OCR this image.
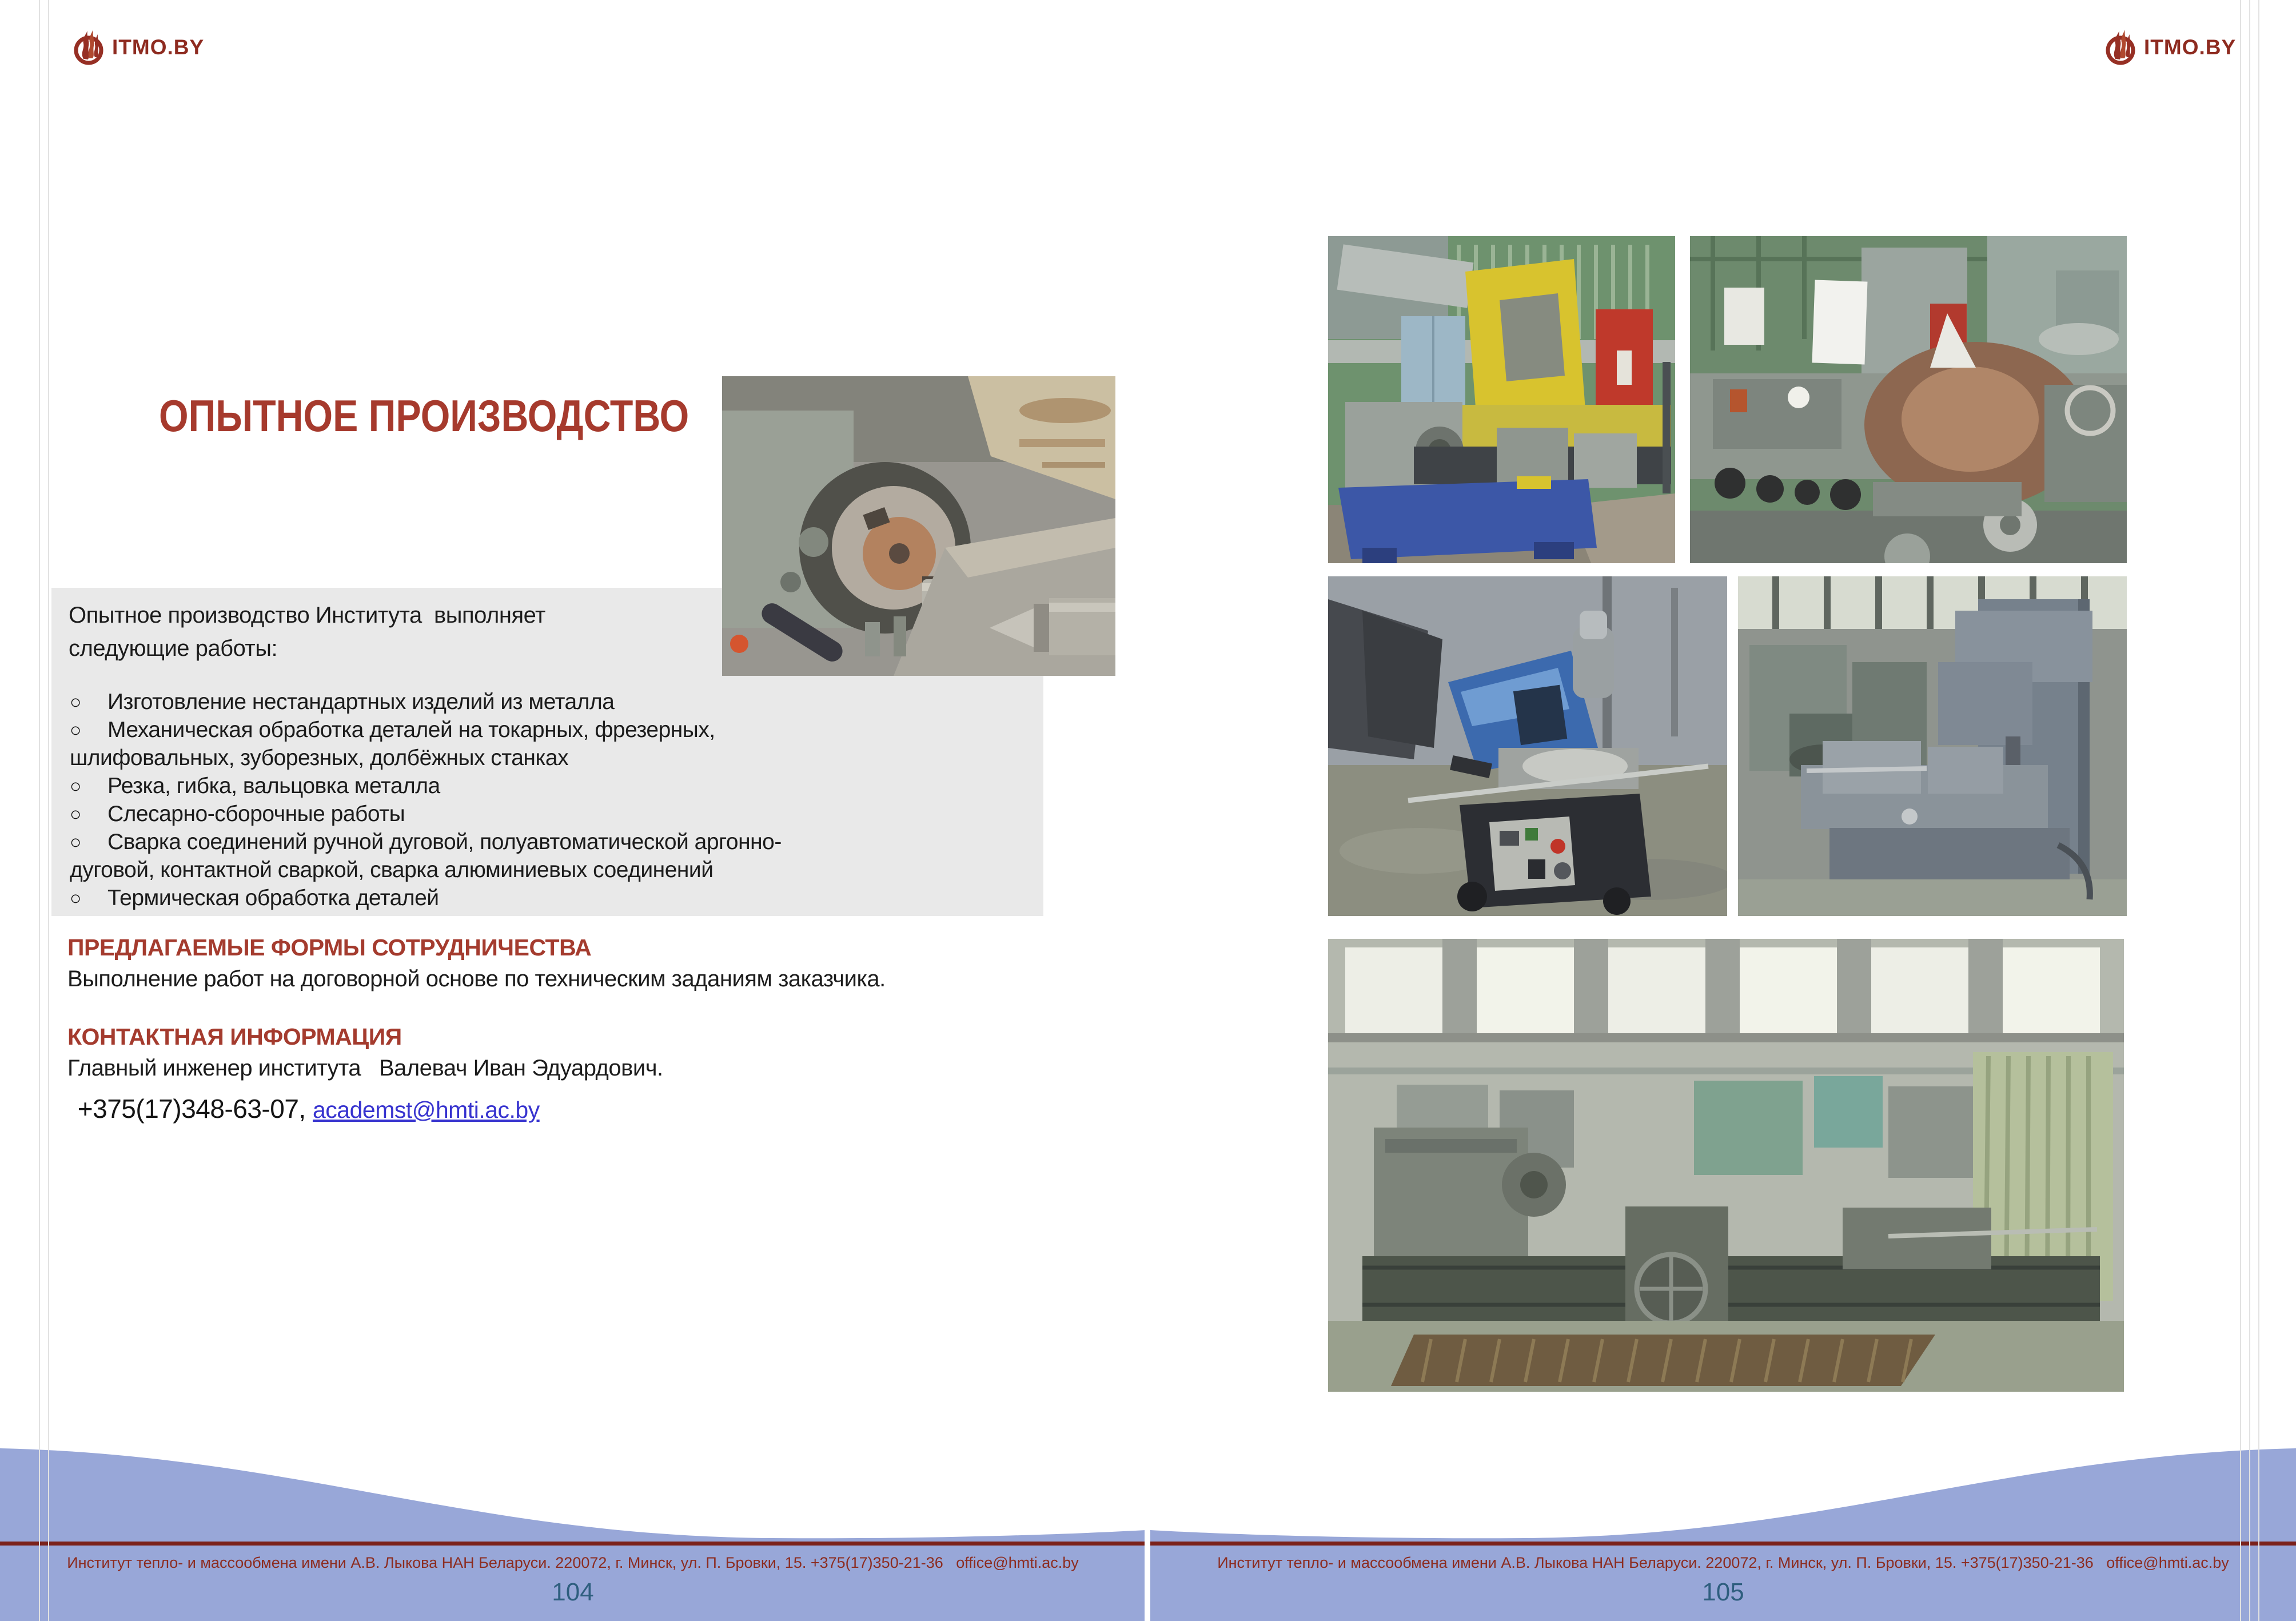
ITMO.BY
ОПЫТНОЕ ПРОИЗВОДСТВО
Опытное производство Института  выполняет
следующие работы:
○ Изготовление нестандартных изделий из металла
○ Механическая обработка деталей на токарных, фрезерных,
шлифовальных, зуборезных, долбёжных станках
○ Резка, гибка, вальцовка металла
○ Слесарно-сборочные работы
○ Сварка соединений ручной дуговой, полуавтоматической аргонно-
дуговой, контактной сваркой, сварка алюминиевых соединений
○ Термическая обработка деталей
ПРЕДЛАГАЕМЫЕ ФОРМЫ СОТРУДНИЧЕСТВА
Выполнение работ на договорной основе по техническим заданиям заказчика.
КОНТАКТНАЯ ИНФОРМАЦИЯ
Главный инженер института   Валевач Иван Эдуардович.

+375(17)348-63-07, academst@hmti.ac.by

Институт тепло- и массообмена имени А.В. Лыкова НАН Беларуси. 220072, г. Минск, ул. П. Бровки, 15. +375(17)350-21-36   office@hmti.ac.by
104
ITMO.BY
Институт тепло- и массообмена имени А.В. Лыкова НАН Беларуси. 220072, г. Минск, ул. П. Бровки, 15. +375(17)350-21-36   office@hmti.ac.by
105
